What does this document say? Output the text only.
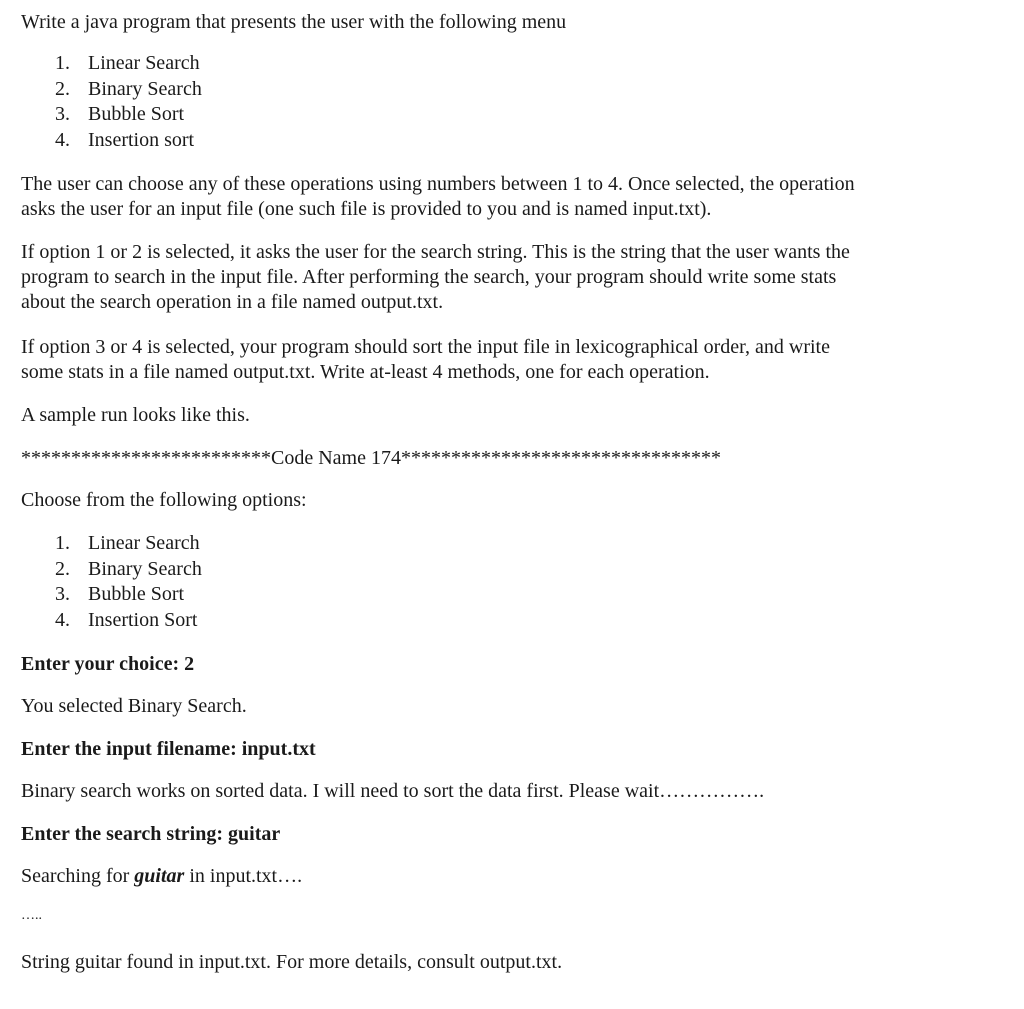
Write a java program that presents the user with the following menu
1. Linear Search
2. Binary Search
3. Bubble Sort
4. Insertion sort
The user can choose any of these operations using numbers between 1 to 4. Once selected, the operation
asks the user for an input file (one such file is provided to you and is named input.txt).
If option 1 or 2 is selected, it asks the user for the search string. This is the string that the user wants the
program to search in the input file. After performing the search, your program should write some stats
about the search operation in a file named output.txt.
If option 3 or 4 is selected, your program should sort the input file in lexicographical order, and write
some stats in a file named output.txt. Write at-least 4 methods, one for each operation.
A sample run looks like this.
*************************Code Name 174********************************
Choose from the following options:
1. Linear Search
2. Binary Search
3. Bubble Sort
4. Insertion Sort
Enter your choice: 2
You selected Binary Search.
Enter the input filename: input.txt
Binary search works on sorted data. I will need to sort the data first. Please wait…………….
Enter the search string: guitar
Searching for guitar in input.txt….
…..
String guitar found in input.txt. For more details, consult output.txt.
